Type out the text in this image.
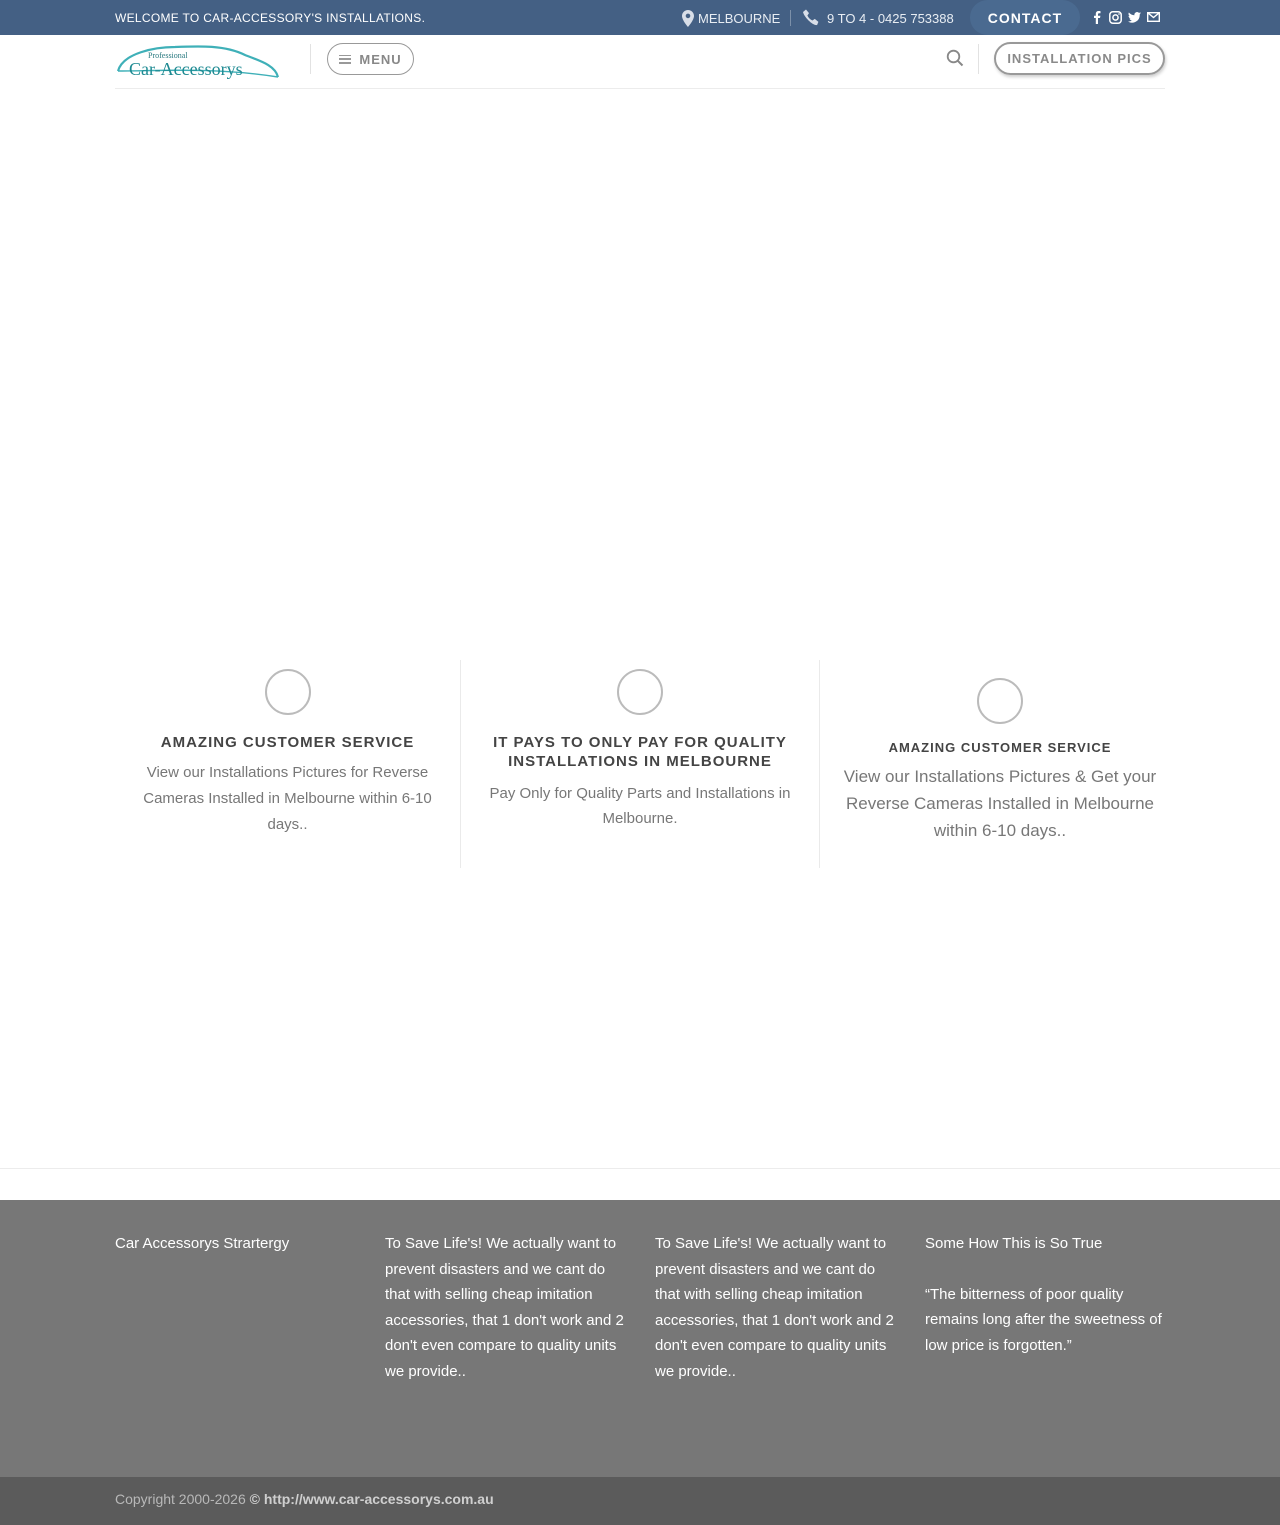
WELCOME TO CAR-ACCESSORY'S INSTALLATIONS.	MELBOURNE	9 TO 4 - 0425 753388	CONTACT
Professional
Car-Accessorys	MENU	INSTALLATION PICS
AMAZING CUSTOMER SERVICE

View our Installations Pictures for Reverse Cameras Installed in Melbourne within 6-10 days..

IT PAYS TO ONLY PAY FOR QUALITY INSTALLATIONS IN MELBOURNE

Pay Only for Quality Parts and Installations in Melbourne.

AMAZING CUSTOMER SERVICE

View our Installations Pictures & Get your Reverse Cameras Installed in Melbourne within 6-10 days..

Car Accessorys Strartergy	To Save Life's! We actually want to prevent disasters and we cant do that with selling cheap imitation accessories, that 1 don't work and 2 don't even compare to quality units we provide..

To Save Life's! We actually want to prevent disasters and we cant do that with selling cheap imitation accessories, that 1 don't work and 2 don't even compare to quality units we provide..

Some How This is So True

“The bitterness of poor quality remains long after the sweetness of low price is forgotten.”

Copyright 2000-2026 © http://www.car-accessorys.com.au
